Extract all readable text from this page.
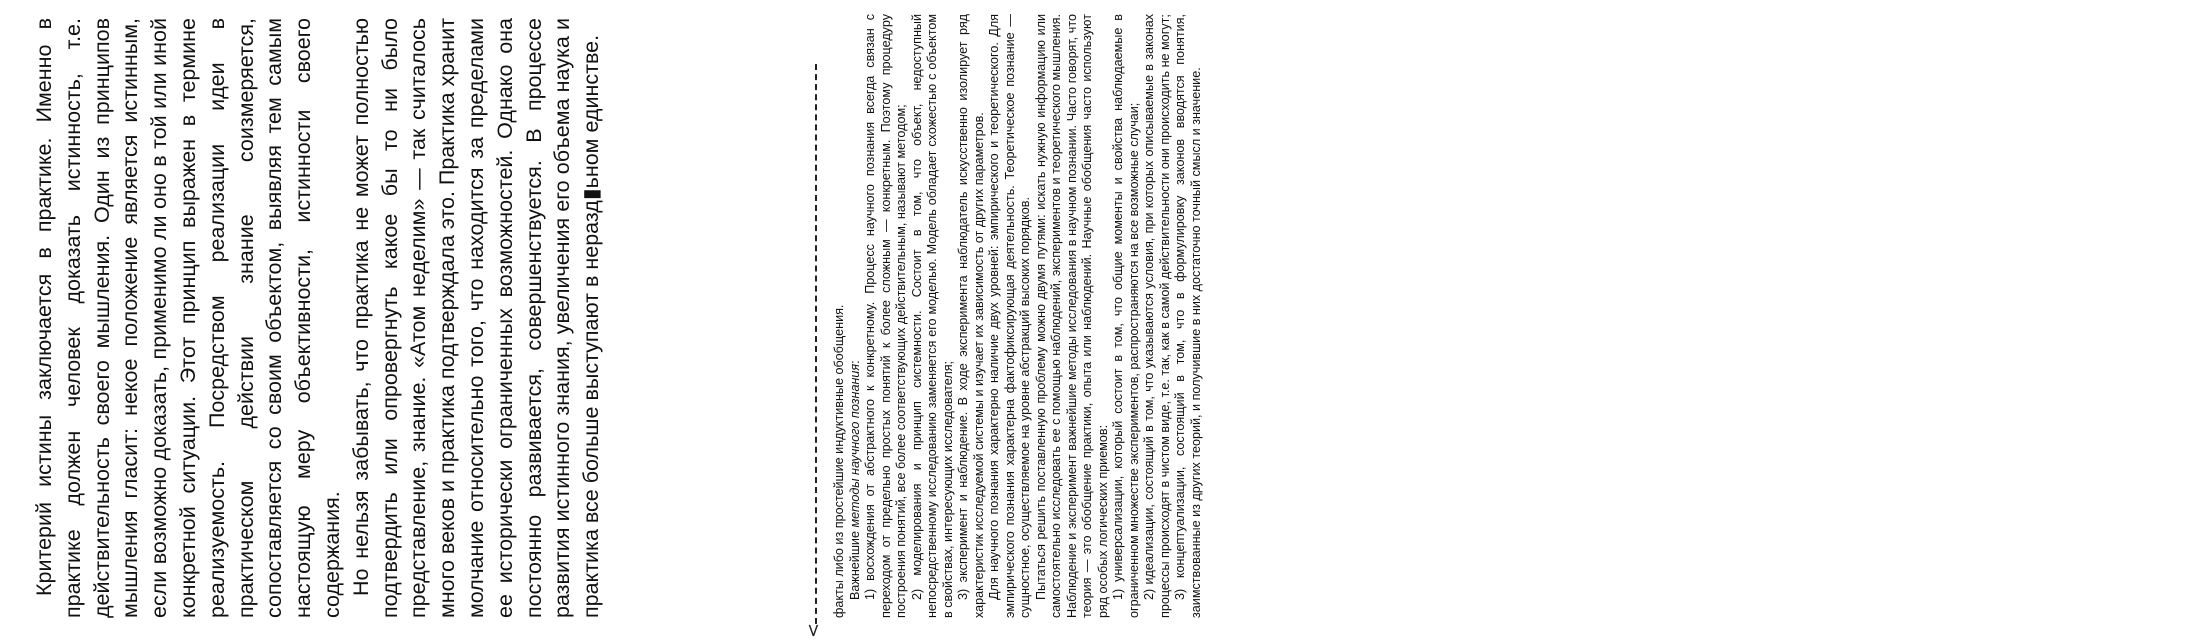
Критерий истины заключается в практике. Именно в практике должен человек доказать истинность, т.е. действительность своего мышления. Один из принципов мышления гласит: некое положение является истинным, если возможно доказать, применимо ли оно в той или иной конкретной ситуации. Этот принцип выражен в термине реализуемость. Посредством реализации идеи в практическом действии знание соизмеряется, сопоставляется со своим объектом, выявляя тем самым настоящую меру объективности, истинности своего содержания. Но нельзя забывать, что практика не может полностью подтвердить или опровергнуть какое бы то ни было представление, знание. «Атом неделим» — так считалось много веков и практика подтверждала это. Практика хранит молчание относительно того, что находится за пределами ее исторически ограниченных возможностей. Однако она постоянно развивается, совершенствуется. В процессе развития истинного знания, увеличения его объема наука и практика все больше выступают в неразд▮ьном единстве.

<

факты либо из простейшие индуктивные обобщения. Важнейшие методы научного познания: 1) восхождения от абстрактного к конкретному. Процесс научного познания всегда связан с переходом от предельно простых понятий к более сложным — конкретным. Поэтому процедуру построения понятий, все более соответствующих действительным, называют методом; 2) моделирования и принцип системности. Состоит в том, что объект, недоступный непосредственному исследованию заменяется его моделью. Модель обладает схожестью с объектом в свойствах, интересующих исследователя; 3) эксперимент и наблюдение. В ходе эксперимента наблюдатель искусственно изолирует ряд характеристик исследуемой системы и изучает их зависимость от других параметров. Для научного познания характерно наличие двух уровней: эмпирического и теоретического. Для эмпирического познания характерна фактофиксирующая деятельность. Теоретическое познание — сущностное, осуществляемое на уровне абстракций высоких порядков. Пытаться решить поставленную проблему можно двумя путями: искать нужную информацию или самостоятельно исследовать ее с помощью наблюдений, экспериментов и теоретического мышления. Наблюдение и эксперимент важнейшие методы исследования в научном познании. Часто говорят, что теория — это обобщение практики, опыта или наблюдений. Научные обобщения часто используют ряд особых логических приемов: 1) универсализации, который состоит в том, что общие моменты и свойства наблюдаемые в ограниченном множестве экспериментов, распространяются на все возможные случаи; 2) идеализации, состоящий в том, что указываются условия, при которых описываемые в законах процессы происходят в чистом виде, т.е. так, как в самой действительности они происходить не могут; 3) концептуализации, состоящий в том, что в формулировку законов вводятся понятия, заимствованные из других теорий, и получившие в них достаточно точный смысл и значение.
